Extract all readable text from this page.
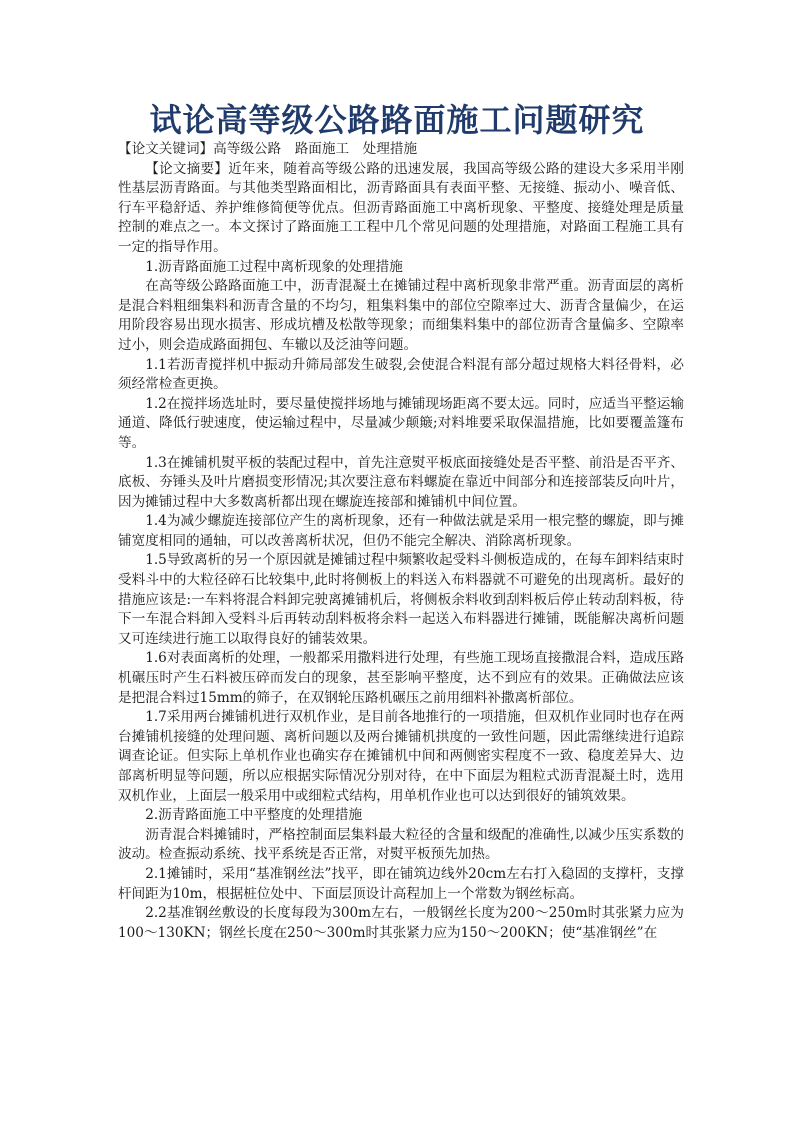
试论高等级公路路面施工问题研究

【论文关键词】高等级公路　路面施工　处理措施

【论文摘要】近年来，随着高等级公路的迅速发展，我国高等级公路的建设大多采用半刚性基层沥青路面。与其他类型路面相比，沥青路面具有表面平整、无接缝、振动小、噪音低、行车平稳舒适、养护维修简便等优点。但沥青路面施工中离析现象、平整度、接缝处理是质量控制的难点之一。本文探讨了路面施工工程中几个常见问题的处理措施，对路面工程施工具有一定的指导作用。

1.沥青路面施工过程中离析现象的处理措施

在高等级公路路面施工中，沥青混凝土在摊铺过程中离析现象非常严重。沥青面层的离析是混合料粗细集料和沥青含量的不均匀，粗集料集中的部位空隙率过大、沥青含量偏少，在运用阶段容易出现水损害、形成坑槽及松散等现象；而细集料集中的部位沥青含量偏多、空隙率过小，则会造成路面拥包、车辙以及泛油等问题。

1.1若沥青搅拌机中振动升筛局部发生破裂,会使混合料混有部分超过规格大料径骨料，必须经常检查更换。

1.2在搅拌场选址时，要尽量使搅拌场地与摊铺现场距离不要太远。同时，应适当平整运输通道、降低行驶速度，使运输过程中，尽量减少颠簸;对料堆要采取保温措施，比如要覆盖篷布等。

1.3在摊铺机熨平板的装配过程中，首先注意熨平板底面接缝处是否平整、前沿是否平齐、底板、夯锤头及叶片磨损变形情况;其次要注意布料螺旋在靠近中间部分和连接部装反向叶片，因为摊铺过程中大多数离析都出现在螺旋连接部和摊铺机中间位置。

1.4为减少螺旋连接部位产生的离析现象，还有一种做法就是采用一根完整的螺旋，即与摊铺宽度相同的通轴，可以改善离析状况，但仍不能完全解决、消除离析现象。

1.5导致离析的另一个原因就是摊铺过程中频繁收起受料斗侧板造成的，在每车卸料结束时受料斗中的大粒径碎石比较集中,此时将侧板上的料送入布料器就不可避免的出现离析。最好的措施应该是:一车料将混合料卸完驶离摊铺机后，将侧板余料收到刮料板后停止转动刮料板，待下一车混合料卸入受料斗后再转动刮料板将余料一起送入布料器进行摊铺，既能解决离析问题又可连续进行施工以取得良好的铺装效果。

1.6对表面离析的处理，一般都采用撒料进行处理，有些施工现场直接撒混合料，造成压路机碾压时产生石料被压碎而发白的现象，甚至影响平整度，达不到应有的效果。正确做法应该是把混合料过15mm的筛子，在双钢轮压路机碾压之前用细料补撒离析部位。

1.7采用两台摊铺机进行双机作业，是目前各地推行的一项措施，但双机作业同时也存在两台摊铺机接缝的处理问题、离析问题以及两台摊铺机拱度的一致性问题，因此需继续进行追踪调查论证。但实际上单机作业也确实存在摊铺机中间和两侧密实程度不一致、稳度差异大、边部离析明显等问题，所以应根据实际情况分别对待，在中下面层为粗粒式沥青混凝土时，选用双机作业，上面层一般采用中或细粒式结构，用单机作业也可以达到很好的铺筑效果。

2.沥青路面施工中平整度的处理措施

沥青混合料摊铺时，严格控制面层集料最大粒径的含量和级配的准确性,以减少压实系数的波动。检查振动系统、找平系统是否正常，对熨平板预先加热。

2.1摊铺时，采用“基准钢丝法”找平，即在铺筑边线外20cm左右打入稳固的支撑杆，支撑杆间距为10m，根据桩位处中、下面层顶设计高程加上一个常数为钢丝标高。

2.2基准钢丝敷设的长度每段为300m左右，一般钢丝长度为200～250m时其张紧力应为100～130KN；钢丝长度在250～300m时其张紧力应为150～200KN；使“基准钢丝”在
